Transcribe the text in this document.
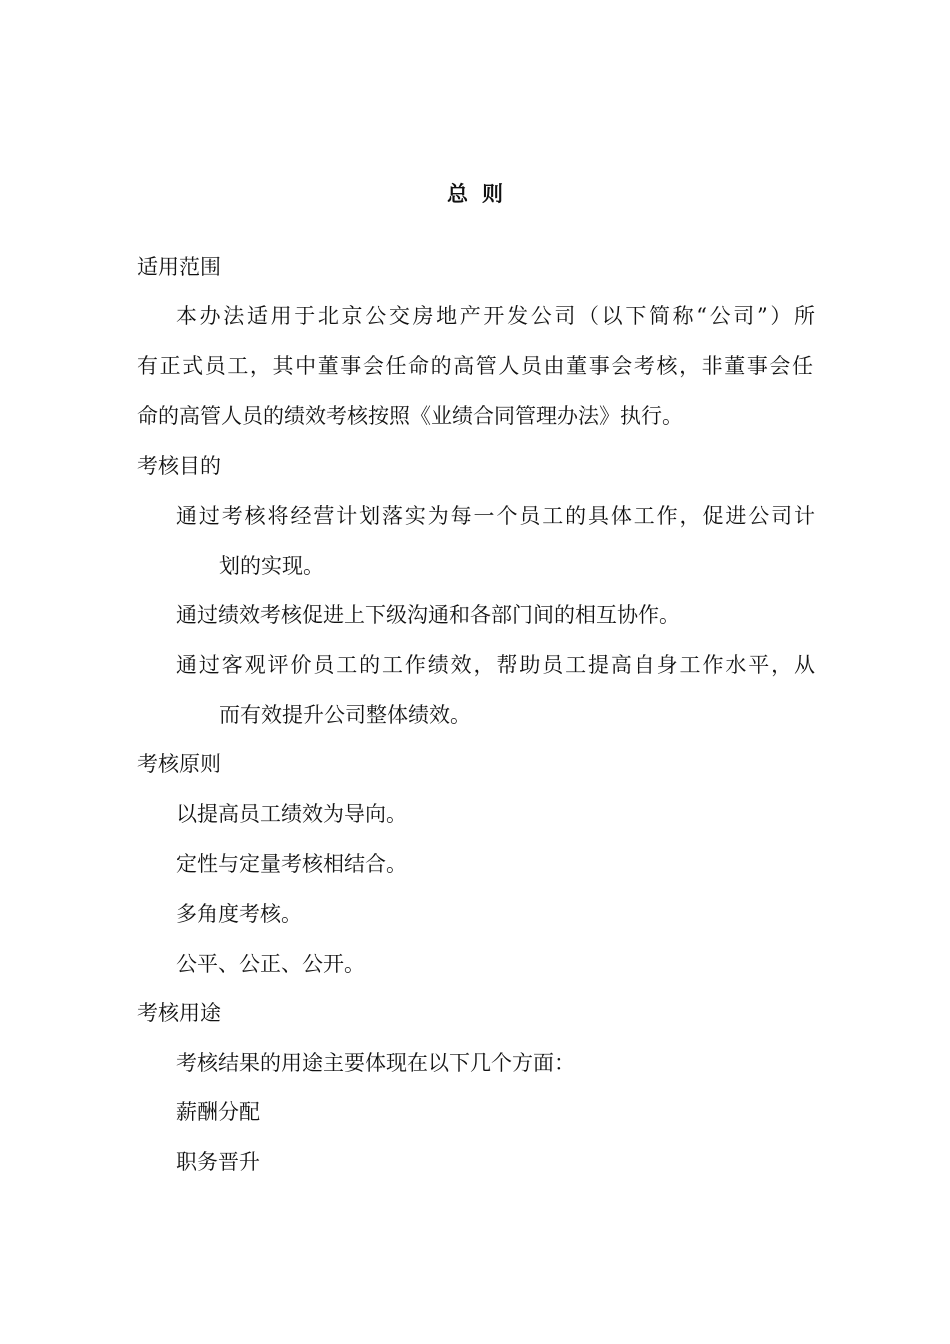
总 则
适用范围
本办法适用于北京公交房地产开发公司（以下简称“公司”）所
有正式员工，其中董事会任命的高管人员由董事会考核，非董事会任
命的高管人员的绩效考核按照《业绩合同管理办法》执行。
考核目的
通过考核将经营计划落实为每一个员工的具体工作，促进公司计
划的实现。
通过绩效考核促进上下级沟通和各部门间的相互协作。
通过客观评价员工的工作绩效，帮助员工提高自身工作水平，从
而有效提升公司整体绩效。
考核原则
以提高员工绩效为导向。
定性与定量考核相结合。
多角度考核。
公平、公正、公开。
考核用途
考核结果的用途主要体现在以下几个方面：
薪酬分配
职务晋升
